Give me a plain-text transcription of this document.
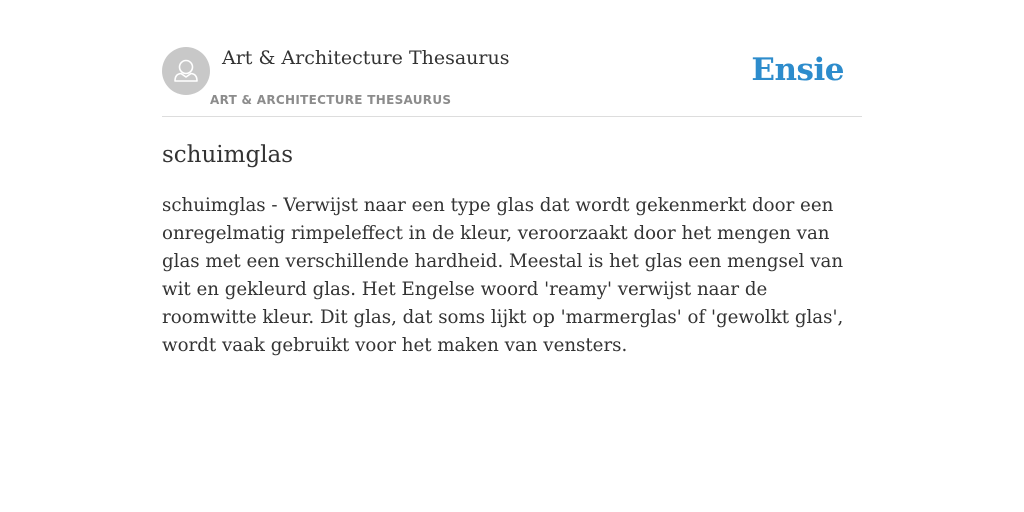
Art & Architecture Thesaurus
ART & ARCHITECTURE THESAURUS
Ensie
schuimglas

schuimglas - Verwijst naar een type glas dat wordt gekenmerkt door een onregelmatig rimpeleffect in de kleur, veroorzaakt door het mengen van glas met een verschillende hardheid. Meestal is het glas een mengsel van wit en gekleurd glas. Het Engelse woord 'reamy' verwijst naar de roomwitte kleur. Dit glas, dat soms lijkt op 'marmerglas' of 'gewolkt glas', wordt vaak gebruikt voor het maken van vensters.
